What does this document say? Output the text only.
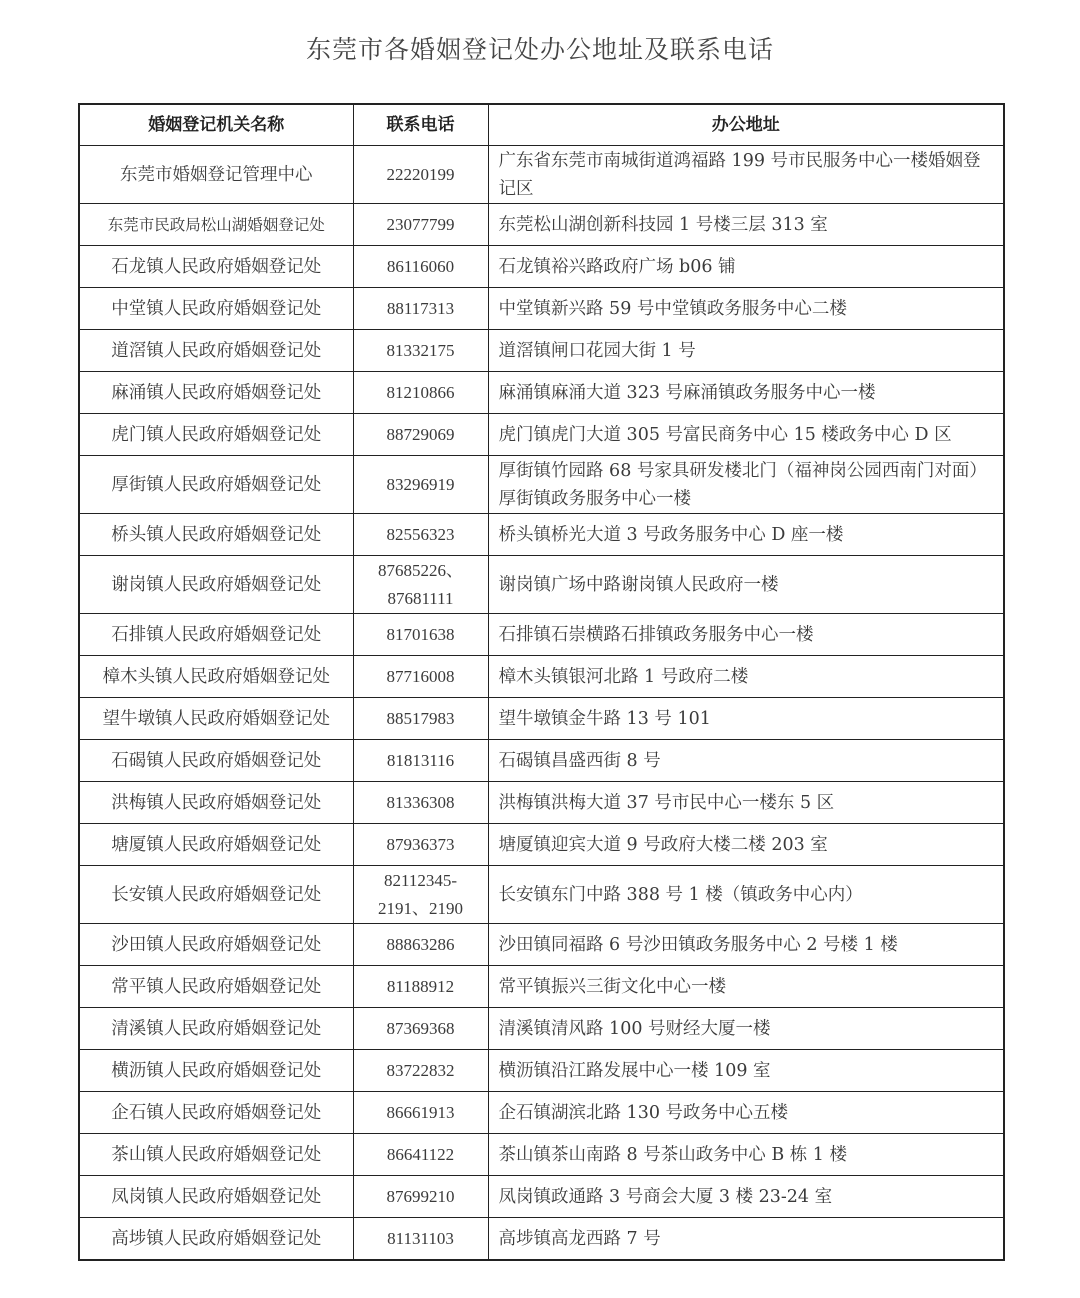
东莞市各婚姻登记处办公地址及联系电话
婚姻登记机关名称	联系电话	办公地址
东莞市婚姻登记管理中心	22220199	广东省东莞市南城街道鸿福路 199 号市民服务中心一楼婚姻登记区
东莞市民政局松山湖婚姻登记处	23077799	东莞松山湖创新科技园 1 号楼三层 313 室
石龙镇人民政府婚姻登记处	86116060	石龙镇裕兴路政府广场 b06 铺
中堂镇人民政府婚姻登记处	88117313	中堂镇新兴路 59 号中堂镇政务服务中心二楼
道滘镇人民政府婚姻登记处	81332175	道滘镇闸口花园大街 1 号
麻涌镇人民政府婚姻登记处	81210866	麻涌镇麻涌大道 323 号麻涌镇政务服务中心一楼
虎门镇人民政府婚姻登记处	88729069	虎门镇虎门大道 305 号富民商务中心 15 楼政务中心 D 区
厚街镇人民政府婚姻登记处	83296919	厚街镇竹园路 68 号家具研发楼北门（福神岗公园西南门对面）厚街镇政务服务中心一楼
桥头镇人民政府婚姻登记处	82556323	桥头镇桥光大道 3 号政务服务中心 D 座一楼
谢岗镇人民政府婚姻登记处	87685226、87681111	谢岗镇广场中路谢岗镇人民政府一楼
石排镇人民政府婚姻登记处	81701638	石排镇石崇横路石排镇政务服务中心一楼
樟木头镇人民政府婚姻登记处	87716008	樟木头镇银河北路 1 号政府二楼
望牛墩镇人民政府婚姻登记处	88517983	望牛墩镇金牛路 13 号 101
石碣镇人民政府婚姻登记处	81813116	石碣镇昌盛西街 8 号
洪梅镇人民政府婚姻登记处	81336308	洪梅镇洪梅大道 37 号市民中心一楼东 5 区
塘厦镇人民政府婚姻登记处	87936373	塘厦镇迎宾大道 9 号政府大楼二楼 203 室
长安镇人民政府婚姻登记处	82112345-2191、2190	长安镇东门中路 388 号 1 楼（镇政务中心内）
沙田镇人民政府婚姻登记处	88863286	沙田镇同福路 6 号沙田镇政务服务中心 2 号楼 1 楼
常平镇人民政府婚姻登记处	81188912	常平镇振兴三街文化中心一楼
清溪镇人民政府婚姻登记处	87369368	清溪镇清风路 100 号财经大厦一楼
横沥镇人民政府婚姻登记处	83722832	横沥镇沿江路发展中心一楼 109 室
企石镇人民政府婚姻登记处	86661913	企石镇湖滨北路 130 号政务中心五楼
茶山镇人民政府婚姻登记处	86641122	茶山镇茶山南路 8 号茶山政务中心 B 栋 1 楼
凤岗镇人民政府婚姻登记处	87699210	凤岗镇政通路 3 号商会大厦 3 楼 23-24 室
高埗镇人民政府婚姻登记处	81131103	高埗镇高龙西路 7 号
